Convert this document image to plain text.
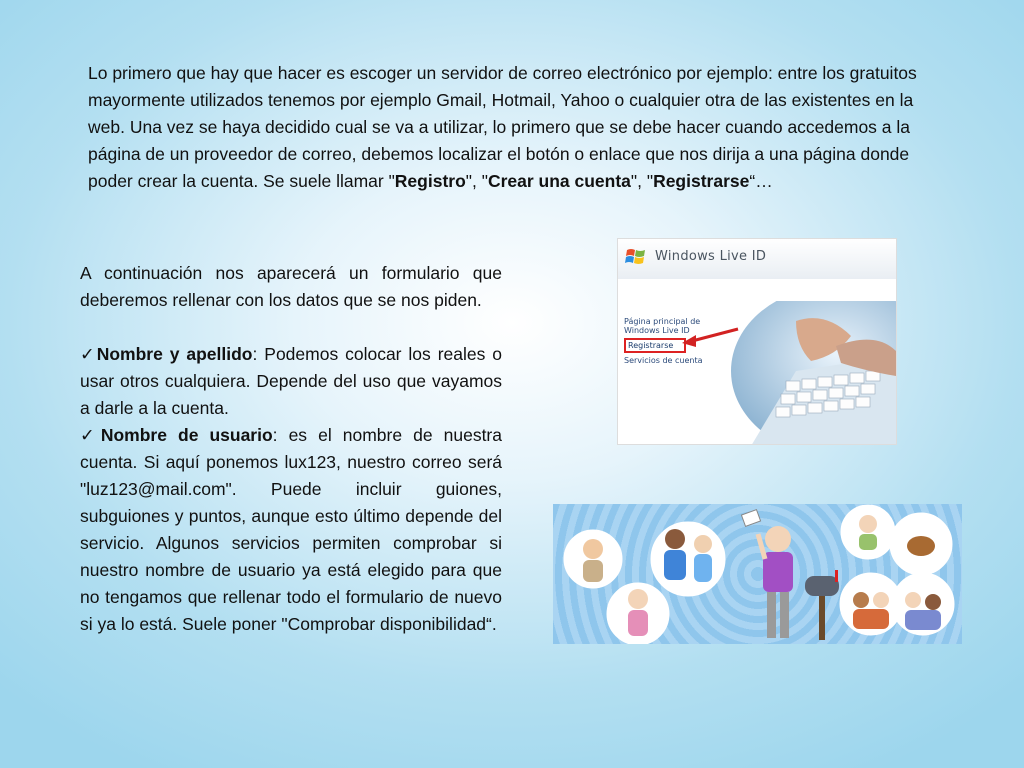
Lo primero que hay que hacer es escoger un servidor de correo electrónico por ejemplo: entre los gratuitos mayormente utilizados tenemos por ejemplo Gmail, Hotmail, Yahoo o cualquier otra de las existentes en la web. Una vez se haya decidido cual se va a utilizar, lo primero que se debe hacer cuando accedemos a la página de un proveedor de correo, debemos localizar el botón o enlace que nos dirija a una página donde poder crear la cuenta. Se suele llamar "Registro", "Crear una cuenta", "Registrarse“…

A continuación nos aparecerá un formulario que deberemos rellenar con los datos que se nos piden.

✓Nombre y apellido: Podemos colocar los reales o usar otros cualquiera. Depende del uso que vayamos a darle a la cuenta.

✓Nombre de usuario: es el nombre de nuestra cuenta. Si aquí ponemos lux123, nuestro correo será "luz123@mail.com". Puede incluir guiones, subguiones y puntos, aunque esto último depende del servicio. Algunos servicios permiten comprobar si nuestro nombre de usuario ya está elegido para que no tengamos que rellenar todo el formulario de nuevo si ya lo está. Suele poner "Comprobar disponibilidad“.

Windows Live ID
Página principal de Windows Live ID
Registrarse
Servicios de cuenta
